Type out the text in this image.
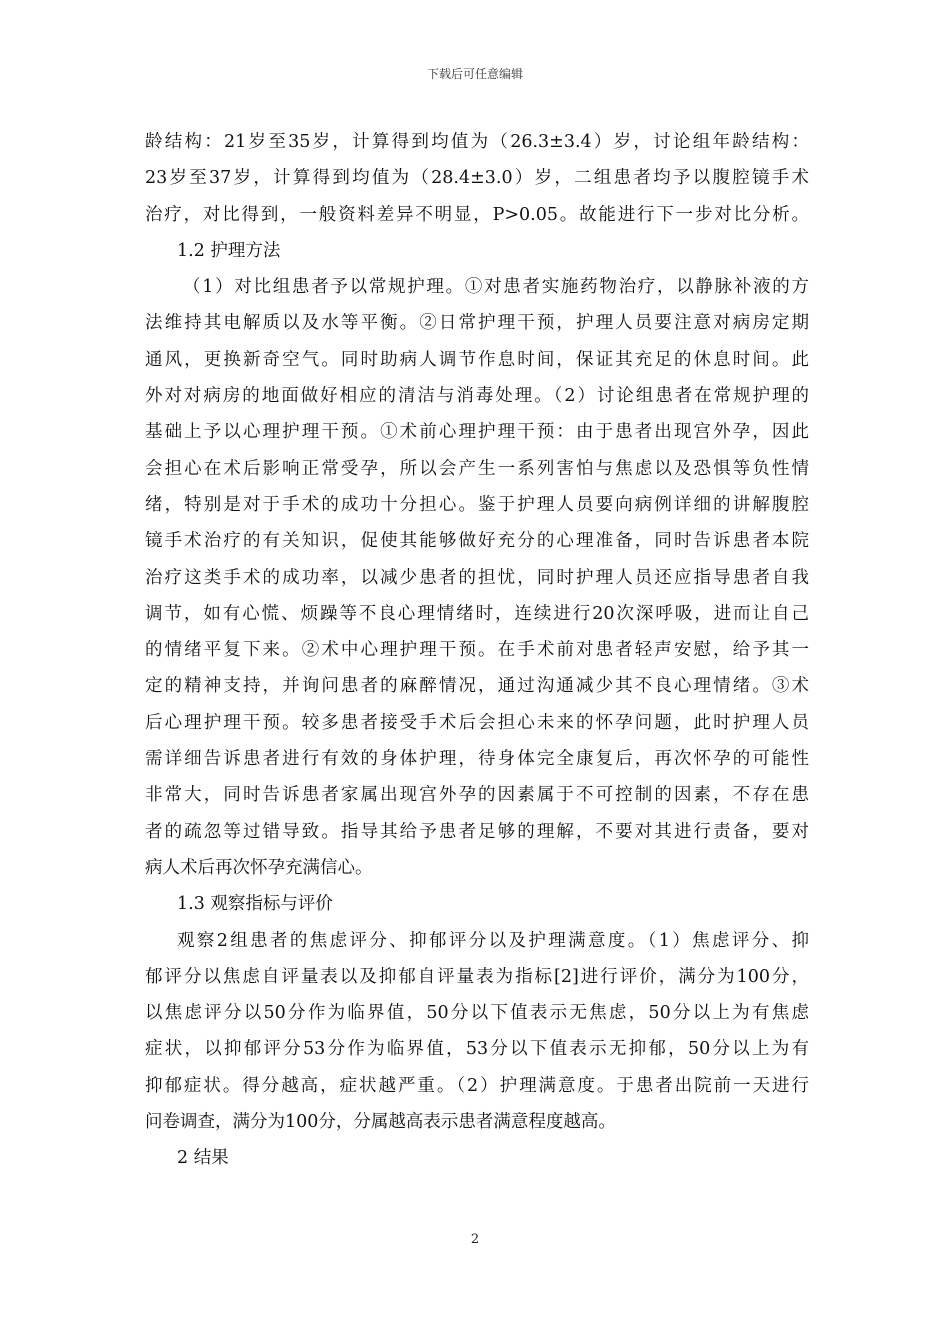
下载后可任意编辑
龄结构：21岁至35岁，计算得到均值为（26.3±3.4）岁，讨论组年龄结构：
23岁至37岁，计算得到均值为（28.4±3.0）岁，二组患者均予以腹腔镜手术
治疗，对比得到，一般资料差异不明显，P>0.05。故能进行下一步对比分析。
1.2 护理方法
（1）对比组患者予以常规护理。①对患者实施药物治疗，以静脉补液的方
法维持其电解质以及水等平衡。②日常护理干预，护理人员要注意对病房定期
通风，更换新奇空气。同时助病人调节作息时间，保证其充足的休息时间。此
外对对病房的地面做好相应的清洁与消毒处理。（2）讨论组患者在常规护理的
基础上予以心理护理干预。①术前心理护理干预：由于患者出现宫外孕，因此
会担心在术后影响正常受孕，所以会产生一系列害怕与焦虑以及恐惧等负性情
绪，特别是对于手术的成功十分担心。鉴于护理人员要向病例详细的讲解腹腔
镜手术治疗的有关知识，促使其能够做好充分的心理准备，同时告诉患者本院
治疗这类手术的成功率，以减少患者的担忧，同时护理人员还应指导患者自我
调节，如有心慌、烦躁等不良心理情绪时，连续进行20次深呼吸，进而让自己
的情绪平复下来。②术中心理护理干预。在手术前对患者轻声安慰，给予其一
定的精神支持，并询问患者的麻醉情况，通过沟通减少其不良心理情绪。③术
后心理护理干预。较多患者接受手术后会担心未来的怀孕问题，此时护理人员
需详细告诉患者进行有效的身体护理，待身体完全康复后，再次怀孕的可能性
非常大，同时告诉患者家属出现宫外孕的因素属于不可控制的因素，不存在患
者的疏忽等过错导致。指导其给予患者足够的理解，不要对其进行责备，要对
病人术后再次怀孕充满信心。
1.3 观察指标与评价
观察2组患者的焦虑评分、抑郁评分以及护理满意度。（1）焦虑评分、抑
郁评分以焦虑自评量表以及抑郁自评量表为指标[2]进行评价，满分为100分，
以焦虑评分以50分作为临界值，50分以下值表示无焦虑，50分以上为有焦虑
症状，以抑郁评分53分作为临界值，53分以下值表示无抑郁，50分以上为有
抑郁症状。得分越高，症状越严重。（2）护理满意度。于患者出院前一天进行
问卷调查，满分为100分，分属越高表示患者满意程度越高。
2 结果
2
